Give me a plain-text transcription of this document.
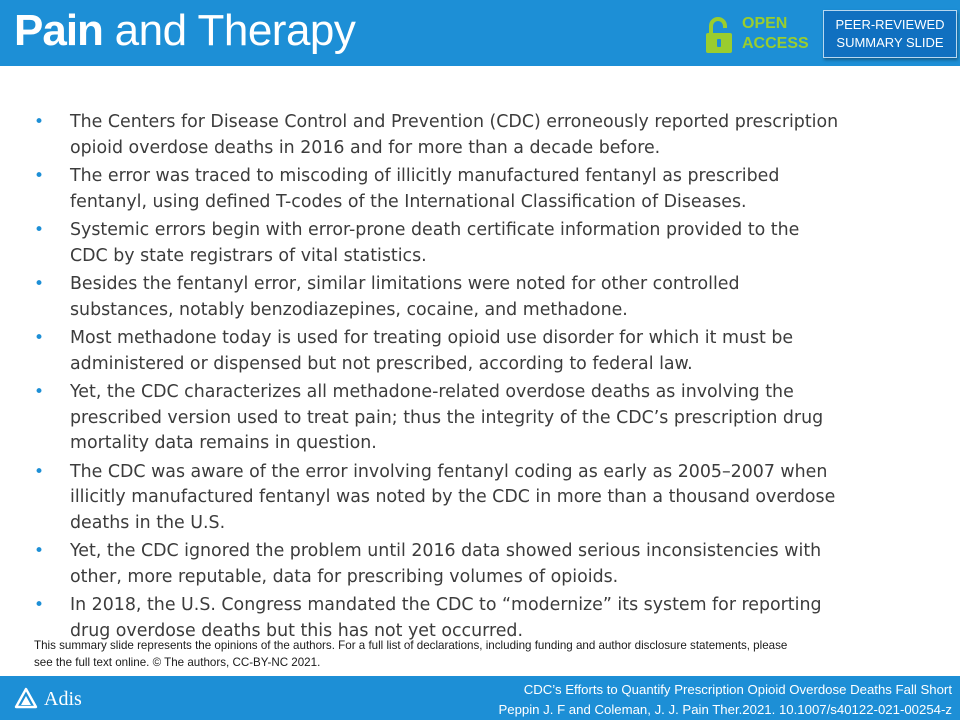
Pain and Therapy	OPEN
ACCESS
PEER-REVIEWED
SUMMARY SLIDE
• The Centers for Disease Control and Prevention (CDC) erroneously reported prescription
opioid overdose deaths in 2016 and for more than a decade before.
• The error was traced to miscoding of illicitly manufactured fentanyl as prescribed
fentanyl, using defined T-codes of the International Classification of Diseases.
• Systemic errors begin with error-prone death certificate information provided to the
CDC by state registrars of vital statistics.
• Besides the fentanyl error, similar limitations were noted for other controlled
substances, notably benzodiazepines, cocaine, and methadone.
• Most methadone today is used for treating opioid use disorder for which it must be
administered or dispensed but not prescribed, according to federal law.
• Yet, the CDC characterizes all methadone-related overdose deaths as involving the
prescribed version used to treat pain; thus the integrity of the CDC’s prescription drug
mortality data remains in question.
• The CDC was aware of the error involving fentanyl coding as early as 2005–2007 when
illicitly manufactured fentanyl was noted by the CDC in more than a thousand overdose
deaths in the U.S.
• Yet, the CDC ignored the problem until 2016 data showed serious inconsistencies with
other, more reputable, data for prescribing volumes of opioids.
• In 2018, the U.S. Congress mandated the CDC to “modernize” its system for reporting
drug overdose deaths but this has not yet occurred.
This summary slide represents the opinions of the authors. For a full list of declarations, including funding and author disclosure statements, please
see the full text online. © The authors, CC-BY-NC 2021.
Adis	CDC’s Efforts to Quantify Prescription Opioid Overdose Deaths Fall Short
Peppin J. F and Coleman, J. J. Pain Ther.2021. 10.1007/s40122-021-00254-z
